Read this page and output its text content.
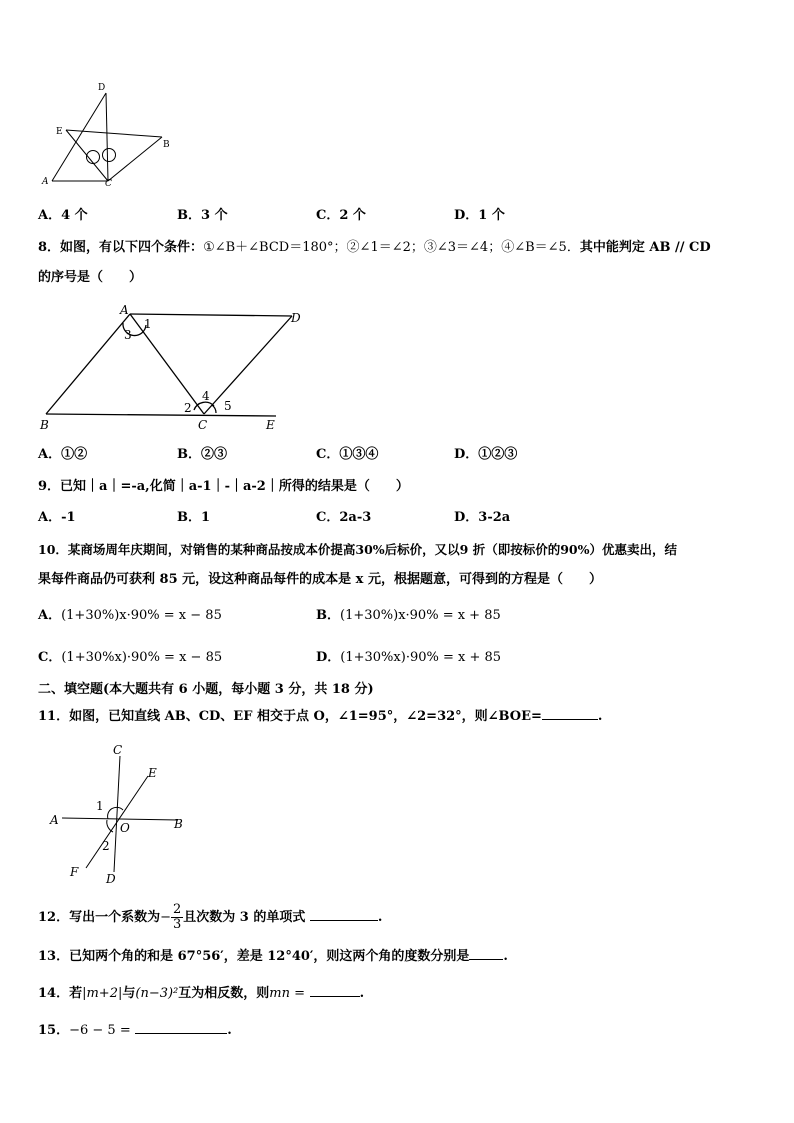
D
E
B
A	C
A．4 个	B．3 个	C．2 个	D．1 个
8．如图，有以下四个条件：①∠B＋∠BCD＝180°；②∠1＝∠2；③∠3＝∠4；④∠B＝∠5．其中能判定 AB // CD
的序号是（　　）
A
1
3
D
2
4
5
B	C	E
A．①②	B．②③	C．①③④	D．①②③
9．已知｜a｜=-a,化简｜a-1｜-｜a-2｜所得的结果是（　　）
A．-1	B．1	C．2a-3	D．3-2a
10．某商场周年庆期间，对销售的某种商品按成本价提高30%后标价，又以9 折（即按标价的90%）优惠卖出，结
果每件商品仍可获利 85 元，设这种商品每件的成本是 x 元，根据题意，可得到的方程是（　　）
A．(1+30%)x·90% = x − 85	B．(1+30%)x·90% = x + 85
C．(1+30%x)·90% = x − 85	D．(1+30%x)·90% = x + 85
二、填空题(本大题共有 6 小题，每小题 3 分，共 18 分)
11．如图，已知直线 AB、CD、EF 相交于点 O，∠1=95°，∠2=32°，则∠BOE=	.
C
E
1
A
O	B
2
F D
12．写出一个系数为− $\frac{2}{3}$ 且次数为 3 的单项式	.
13．已知两个角的和是 67°56′，差是 12°40′，则这两个角的度数分别是	.
14．若|m+2|与(n−3)²互为相反数，则mn =	.
15．−6 − 5 =	.
